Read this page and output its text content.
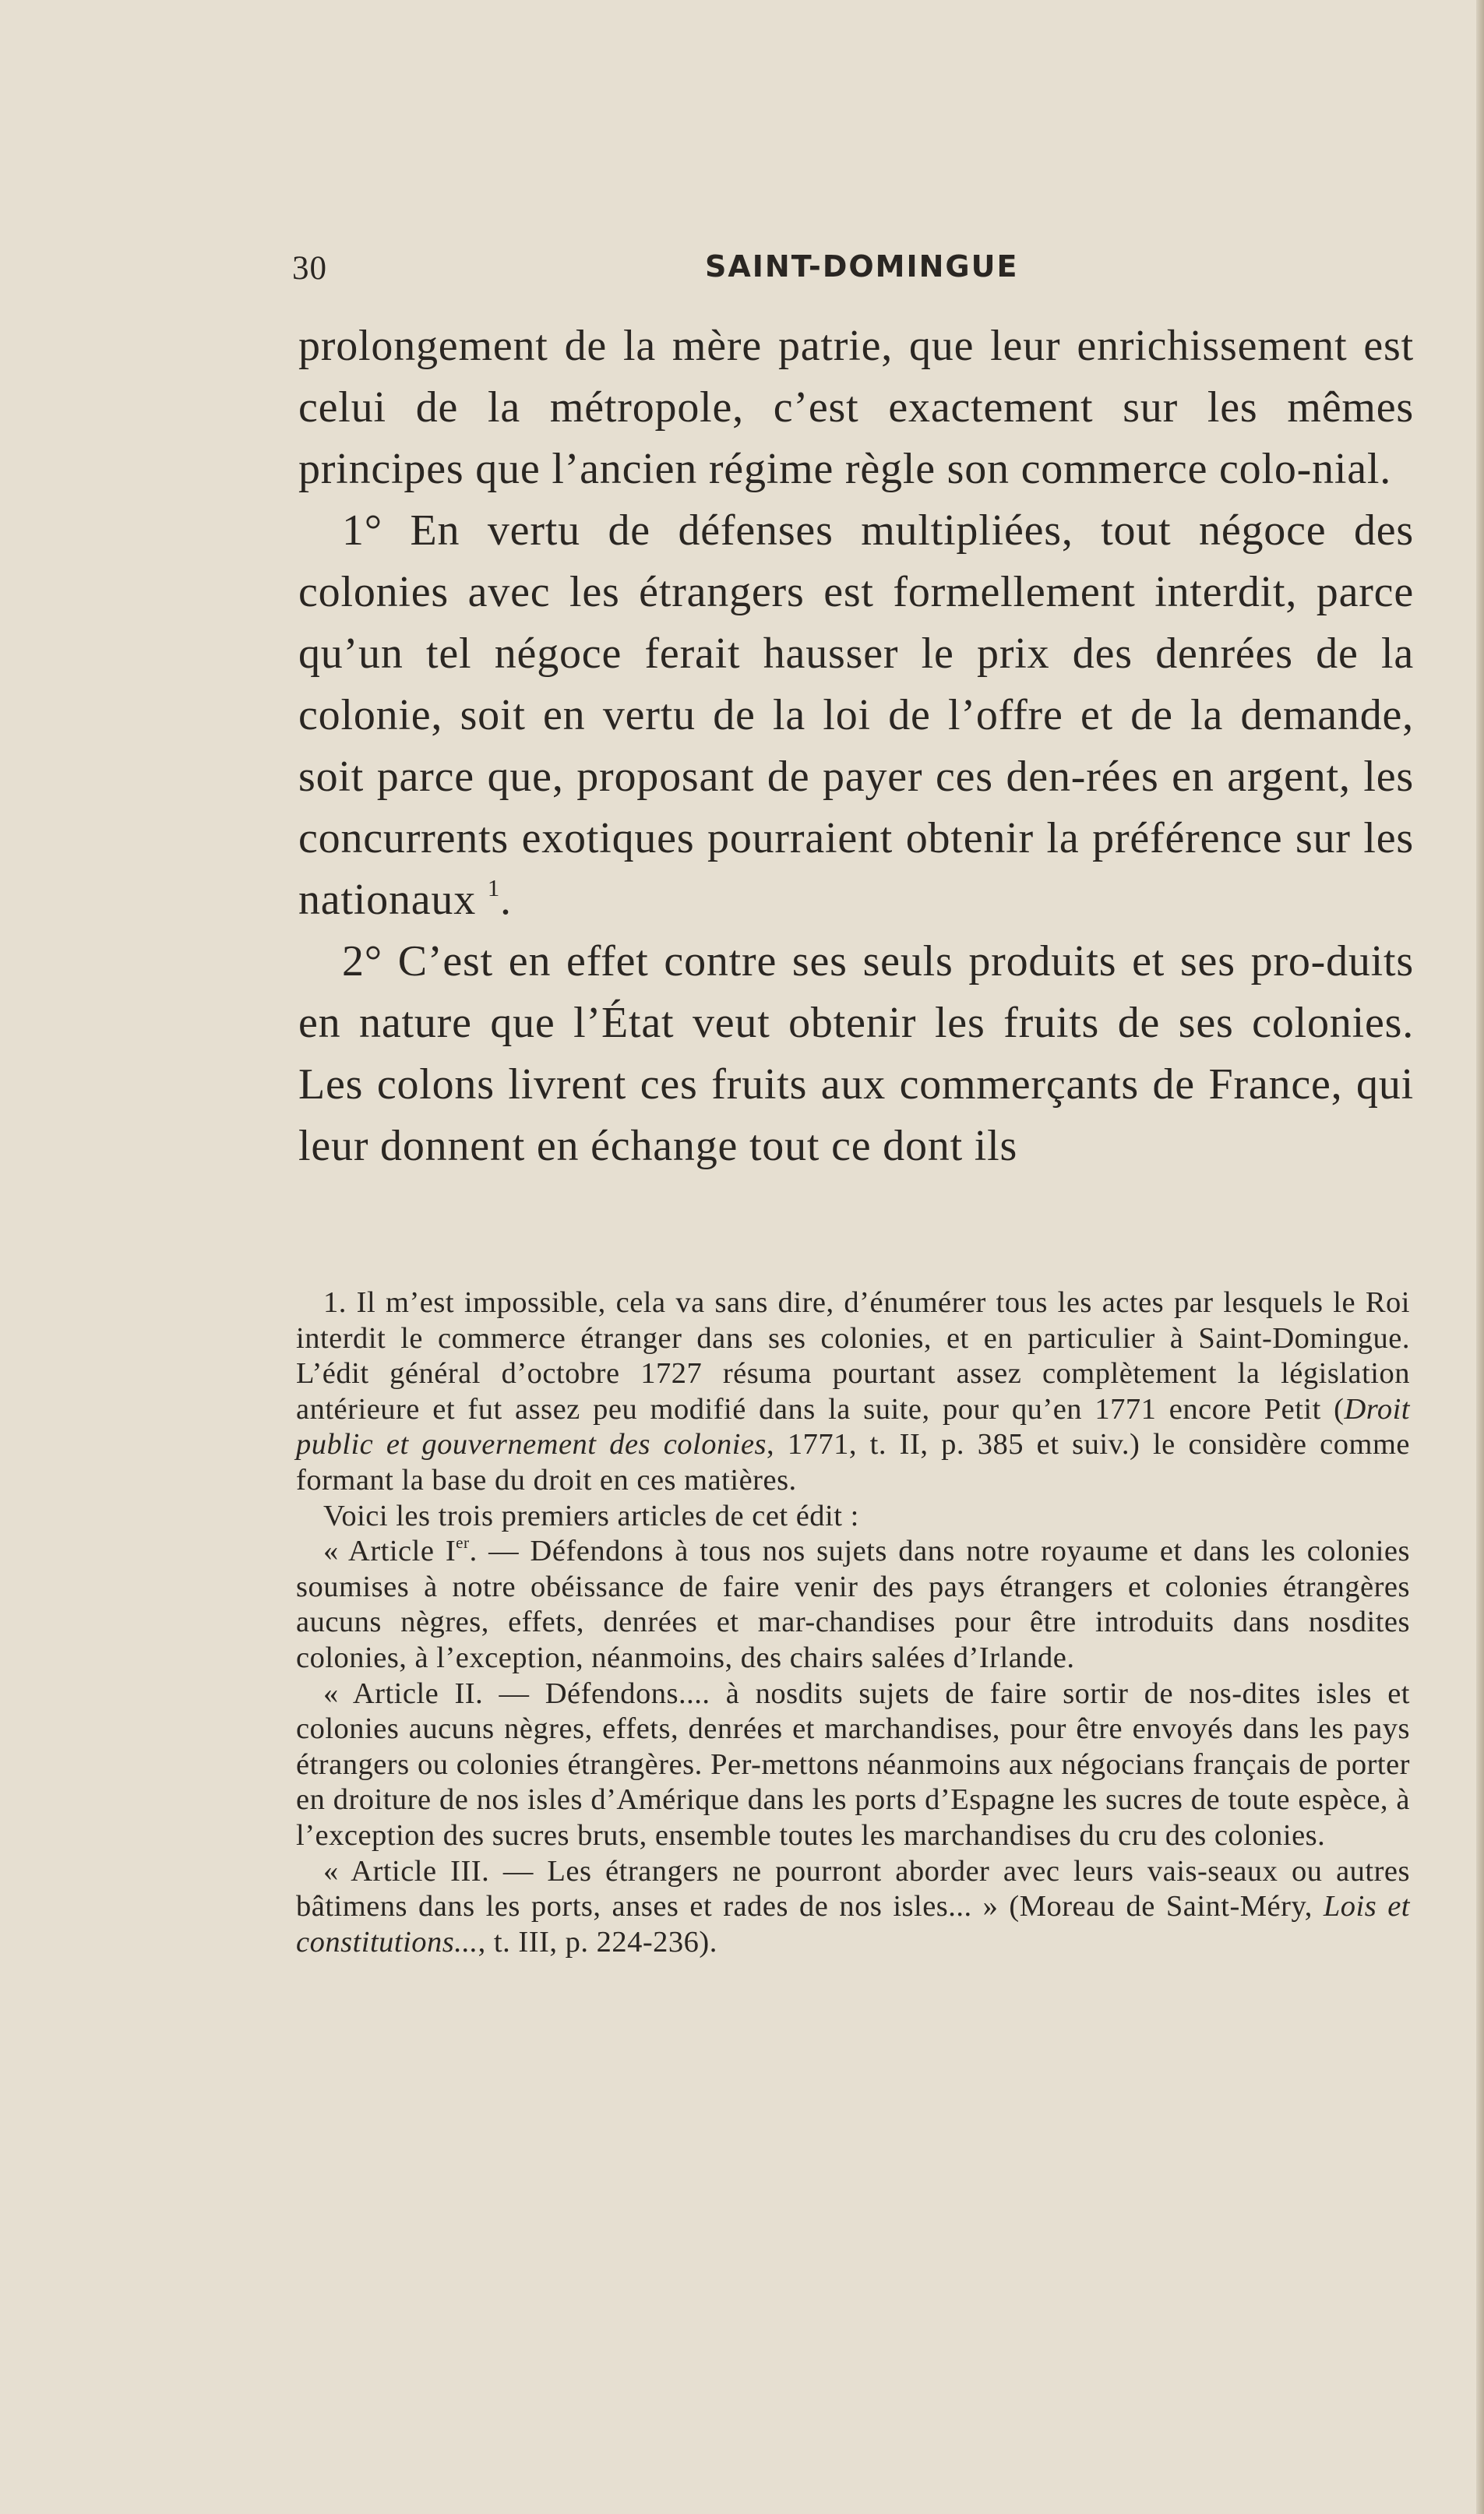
30	SAINT-DOMINGUE

prolongement de la mère patrie, que leur enrichissement est celui de la métropole, c’est exactement sur les mêmes principes que l’ancien régime règle son commerce colo-nial.

1° En vertu de défenses multipliées, tout négoce des colonies avec les étrangers est formellement interdit, parce qu’un tel négoce ferait hausser le prix des denrées de la colonie, soit en vertu de la loi de l’offre et de la demande, soit parce que, proposant de payer ces den-rées en argent, les concurrents exotiques pourraient obtenir la préférence sur les nationaux $^1$.

2° C’est en effet contre ses seuls produits et ses pro-duits en nature que l’État veut obtenir les fruits de ses colonies. Les colons livrent ces fruits aux commerçants de France, qui leur donnent en échange tout ce dont ils

1. Il m’est impossible, cela va sans dire, d’énumérer tous les actes par lesquels le Roi interdit le commerce étranger dans ses colonies, et en particulier à Saint-Domingue. L’édit général d’octobre 1727 résuma pourtant assez complètement la législation antérieure et fut assez peu modifié dans la suite, pour qu’en 1771 encore Petit (Droit public et gouvernement des colonies, 1771, t. II, p. 385 et suiv.) le considère comme formant la base du droit en ces matières.

Voici les trois premiers articles de cet édit :

« Article Ier. — Défendons à tous nos sujets dans notre royaume et dans les colonies soumises à notre obéissance de faire venir des pays étrangers et colonies étrangères aucuns nègres, effets, denrées et mar-chandises pour être introduits dans nosdites colonies, à l’exception, néanmoins, des chairs salées d’Irlande.

« Article II. — Défendons.... à nosdits sujets de faire sortir de nos-dites isles et colonies aucuns nègres, effets, denrées et marchandises, pour être envoyés dans les pays étrangers ou colonies étrangères. Per-mettons néanmoins aux négocians français de porter en droiture de nos isles d’Amérique dans les ports d’Espagne les sucres de toute espèce, à l’exception des sucres bruts, ensemble toutes les marchandises du cru des colonies.

« Article III. — Les étrangers ne pourront aborder avec leurs vais-seaux ou autres bâtimens dans les ports, anses et rades de nos isles... » (Moreau de Saint-Méry, Lois et constitutions..., t. III, p. 224-236).
